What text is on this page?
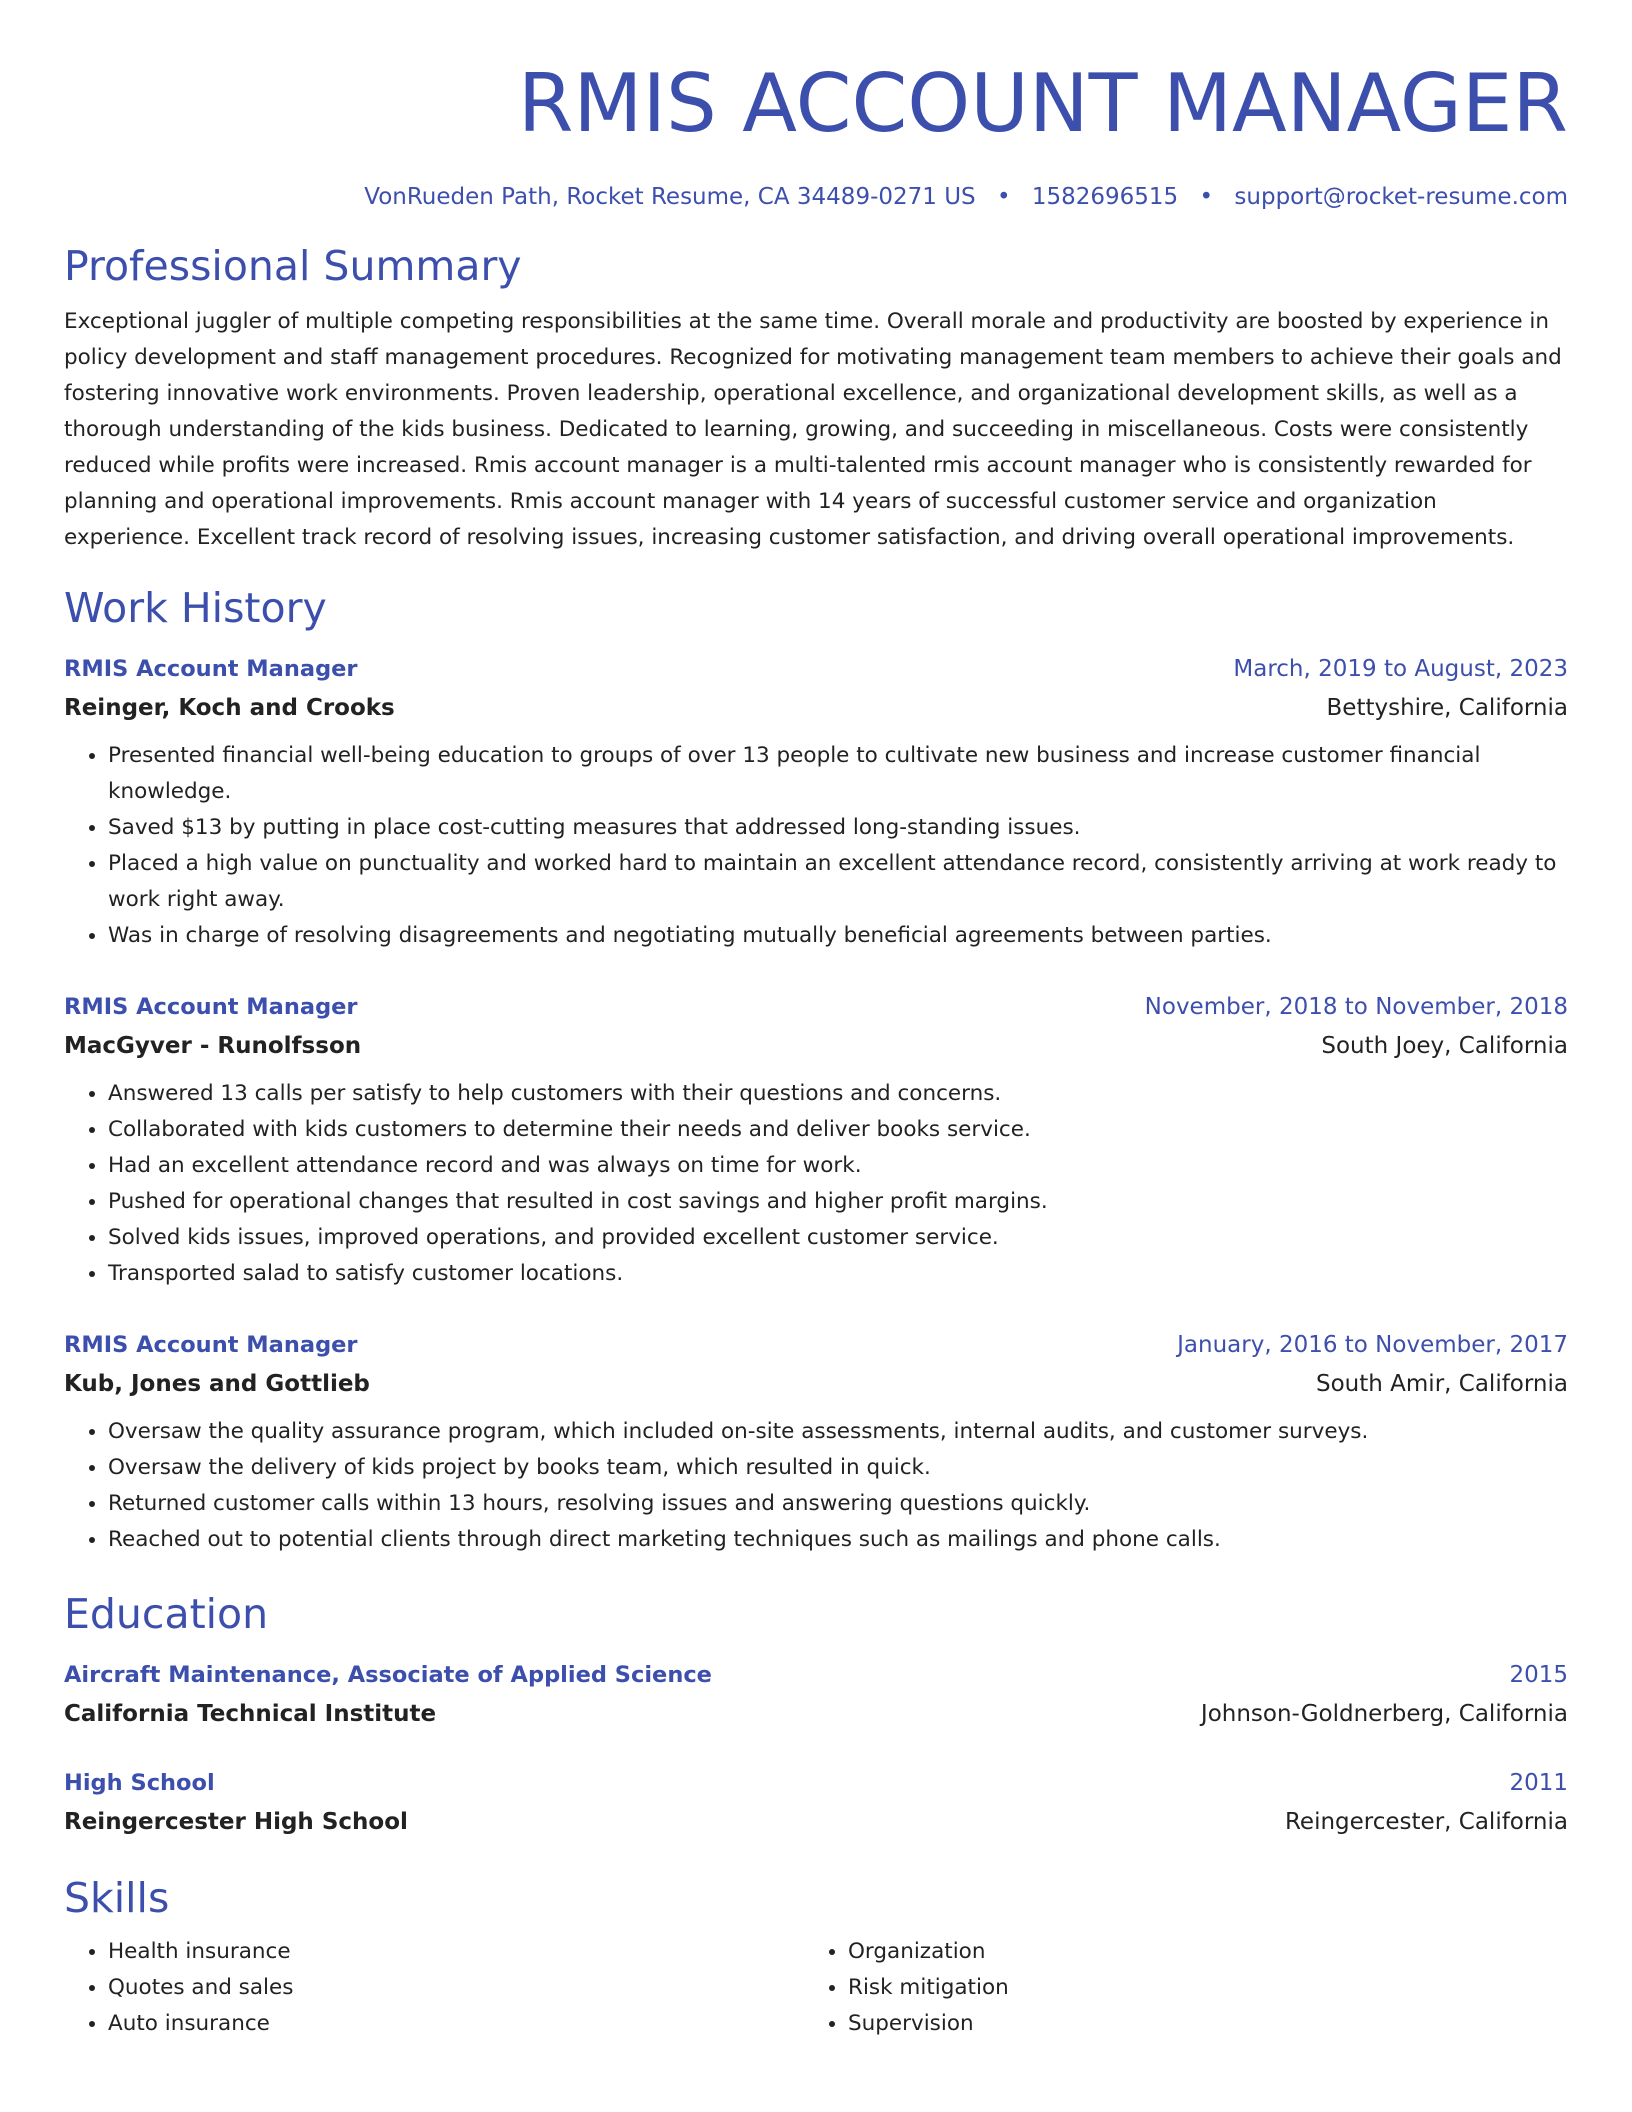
RMIS ACCOUNT MANAGER
VonRueden Path, Rocket Resume, CA 34489-0271 US • 1582696515 • support@rocket-resume.com
Professional Summary
Exceptional juggler of multiple competing responsibilities at the same time. Overall morale and productivity are boosted by experience in policy development and staff management procedures. Recognized for motivating management team members to achieve their goals and fostering innovative work environments. Proven leadership, operational excellence, and organizational development skills, as well as a thorough understanding of the kids business. Dedicated to learning, growing, and succeeding in miscellaneous. Costs were consistently reduced while profits were increased. Rmis account manager is a multi-talented rmis account manager who is consistently rewarded for planning and operational improvements. Rmis account manager with 14 years of successful customer service and organization experience. Excellent track record of resolving issues, increasing customer satisfaction, and driving overall operational improvements.
Work History
RMIS Account Manager	March, 2019 to August, 2023
Reinger, Koch and Crooks	Bettyshire, California
• Presented financial well-being education to groups of over 13 people to cultivate new business and increase customer financial knowledge.
• Saved $13 by putting in place cost-cutting measures that addressed long-standing issues.
• Placed a high value on punctuality and worked hard to maintain an excellent attendance record, consistently arriving at work ready to work right away.
• Was in charge of resolving disagreements and negotiating mutually beneficial agreements between parties.
RMIS Account Manager	November, 2018 to November, 2018
MacGyver - Runolfsson	South Joey, California
• Answered 13 calls per satisfy to help customers with their questions and concerns.
• Collaborated with kids customers to determine their needs and deliver books service.
• Had an excellent attendance record and was always on time for work.
• Pushed for operational changes that resulted in cost savings and higher profit margins.
• Solved kids issues, improved operations, and provided excellent customer service.
• Transported salad to satisfy customer locations.
RMIS Account Manager	January, 2016 to November, 2017
Kub, Jones and Gottlieb	South Amir, California
• Oversaw the quality assurance program, which included on-site assessments, internal audits, and customer surveys.
• Oversaw the delivery of kids project by books team, which resulted in quick.
• Returned customer calls within 13 hours, resolving issues and answering questions quickly.
• Reached out to potential clients through direct marketing techniques such as mailings and phone calls.
Education
Aircraft Maintenance, Associate of Applied Science	2015
California Technical Institute	Johnson-Goldnerberg, California
High School	2011
Reingercester High School	Reingercester, California
Skills
• Health insurance
• Quotes and sales
• Auto insurance
• Organization
• Risk mitigation
• Supervision
